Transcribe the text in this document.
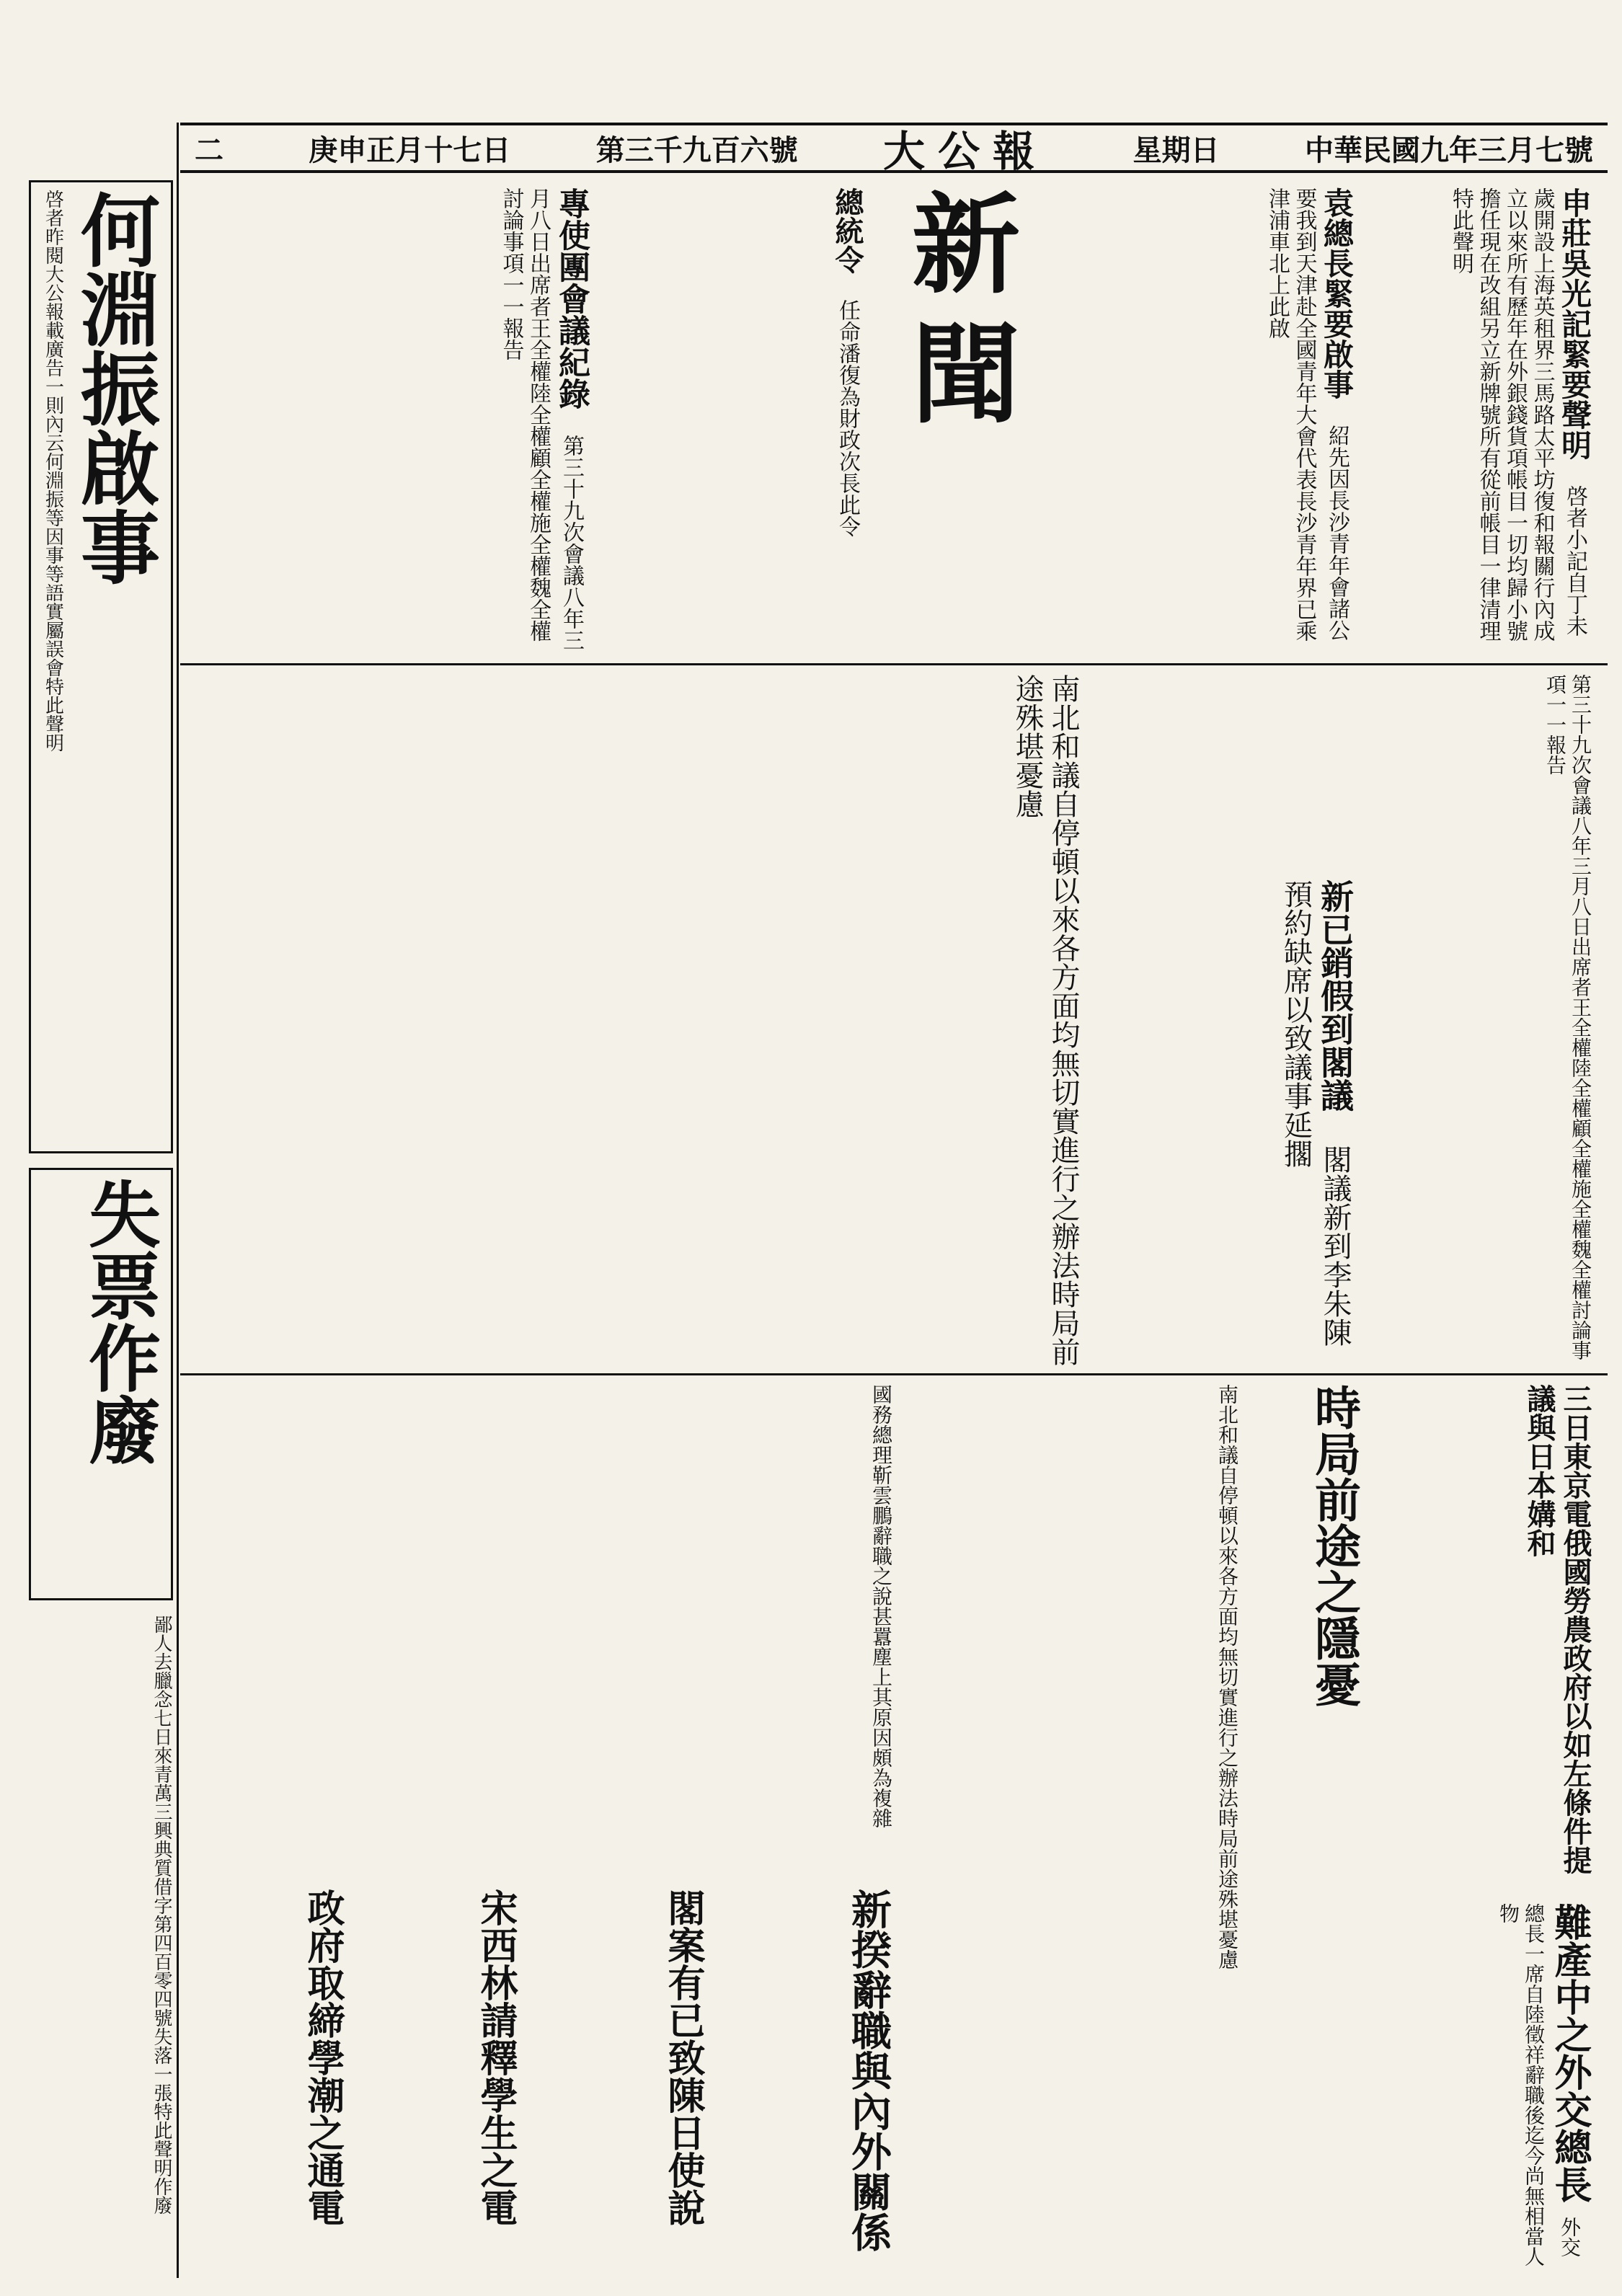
二	庚申正月十七日	第三千九百六號 大公報	星期日	中華民國九年三月七號
何淵振啟事
啓者昨閱大公報載廣告一則內云何淵振等因事等語實屬誤會特此聲明
失票作廢
鄙人去臘念七日來青萬三興典質借字第四百零四號失落一張特此聲明作廢
申莊吳光記緊要聲明 啓者小記自丁未歲開設上海英租界三馬路太平坊復和報關行內成立以來所有歷年在外銀錢貨項帳目一切均歸小號擔任現在改組另立新牌號所有從前帳目一律清理特此聲明
新聞	袁總長緊要啟事 紹先因長沙青年會諸公要我到天津赴全國青年大會代表長沙青年界已乘津浦車北上此啟
總統令 任命潘復為財政次長此令
專使團會議紀錄 第三十九次會議八年三月八日出席者王全權陸全權顧全權施全權魏全權討論事項一一報告
第三十九次會議八年三月八日出席者王全權陸全權顧全權施全權魏全權討論事項一一報告
新已銷假到閣議 閣議新到李朱陳預約缺席以致議事延擱
南北和議自停頓以來各方面均無切實進行之辦法時局前途殊堪憂慮
三日東京電俄國勞農政府以如左條件提議與日本媾和
時局前途之隱憂
南北和議自停頓以來各方面均無切實進行之辦法時局前途殊堪憂慮
新揆辭職與內外關係
國務總理靳雲鵬辭職之說甚囂塵上其原因頗為複雜
難產中之外交總長 外交總長一席自陸徵祥辭職後迄今尚無相當人物
閣案有已致陳日使說
宋西林請釋學生之電
政府取締學潮之通電
